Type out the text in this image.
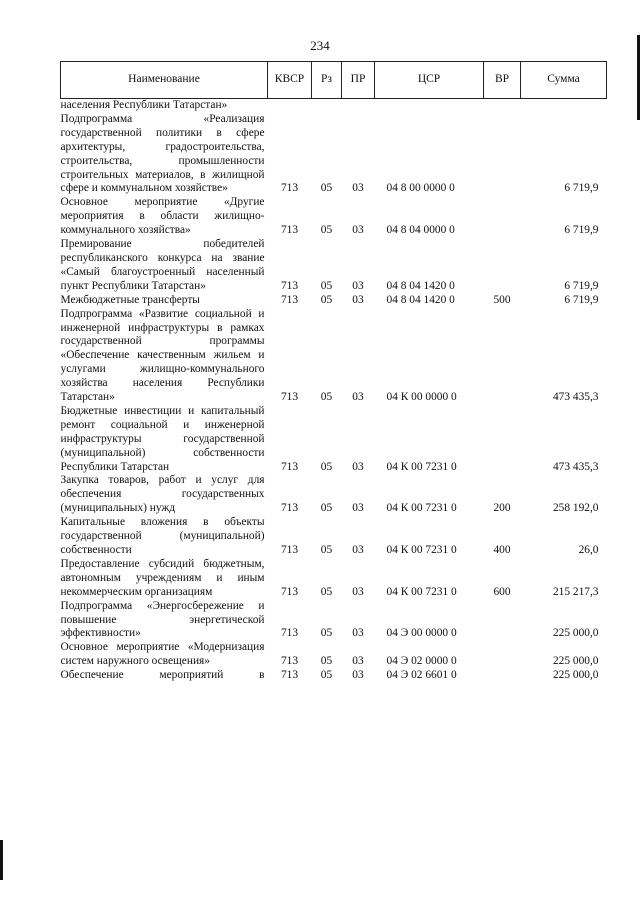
234
Наименование	КВСР	Рз	ПР	ЦСР	ВР	Сумма
населения Республики Татарстан»						
Подпрограмма «Реализация государственной политики в сфере архитектуры, градостроительства, строительства, промышленности строительных материалов, в жилищной сфере и коммунальном хозяйстве»	713	05	03	04 8 00 0000 0		6 719,9
Основное мероприятие «Другие мероприятия в области жилищно-коммунального хозяйства»	713	05	03	04 8 04 0000 0		6 719,9
Премирование победителей республиканского конкурса на звание «Самый благоустроенный населенный пункт Республики Татарстан»	713	05	03	04 8 04 1420 0		6 719,9
Межбюджетные трансферты	713	05	03	04 8 04 1420 0	500	6 719,9
Подпрограмма «Развитие социальной и инженерной инфраструктуры в рамках государственной программы «Обеспечение качественным жильем и услугами жилищно-коммунального хозяйства населения Республики Татарстан»	713	05	03	04 К 00 0000 0		473 435,3
Бюджетные инвестиции и капитальный ремонт социальной и инженерной инфраструктуры государственной (муниципальной) собственности Республики Татарстан	713	05	03	04 К 00 7231 0		473 435,3
Закупка товаров, работ и услуг для обеспечения государственных (муниципальных) нужд	713	05	03	04 К 00 7231 0	200	258 192,0
Капитальные вложения в объекты государственной (муниципальной) собственности	713	05	03	04 К 00 7231 0	400	26,0
Предоставление субсидий бюджетным, автономным учреждениям и иным некоммерческим организациям	713	05	03	04 К 00 7231 0	600	215 217,3
Подпрограмма «Энергосбережение и повышение энергетической эффективности»	713	05	03	04 Э 00 0000 0		225 000,0
Основное мероприятие «Модернизация систем наружного освещения»	713	05	03	04 Э 02 0000 0		225 000,0
Обеспечение мероприятий в	713	05	03	04 Э 02 6601 0		225 000,0
